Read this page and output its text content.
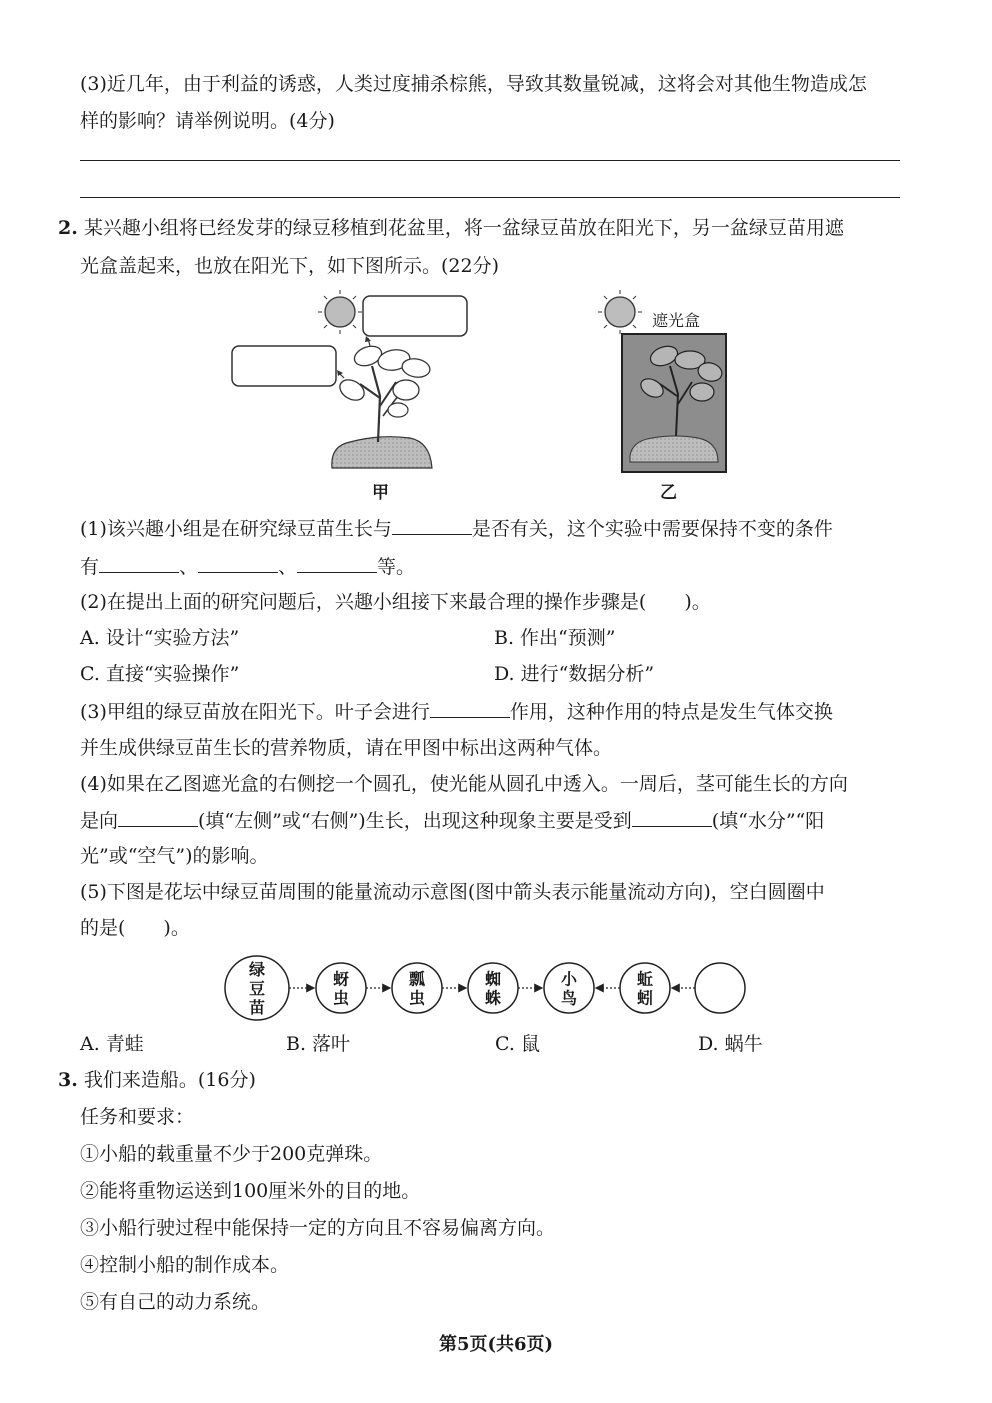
(3)近几年，由于利益的诱惑，人类过度捕杀棕熊，导致其数量锐减，这将会对其他生物造成怎
样的影响？请举例说明。(4分)
2. 某兴趣小组将已经发芽的绿豆移植到花盆里，将一盆绿豆苗放在阳光下，另一盆绿豆苗用遮
光盒盖起来，也放在阳光下，如下图所示。(22分)
遮光盒
甲	乙
(1)该兴趣小组是在研究绿豆苗生长与	是否有关，这个实验中需要保持不变的条件
有	、	、	等。
(2)在提出上面的研究问题后，兴趣小组接下来最合理的操作步骤是(　　)。
A. 设计“实验方法”	B. 作出“预测”
C. 直接“实验操作”	D. 进行“数据分析”
(3)甲组的绿豆苗放在阳光下。叶子会进行	作用，这种作用的特点是发生气体交换
并生成供绿豆苗生长的营养物质，请在甲图中标出这两种气体。
(4)如果在乙图遮光盒的右侧挖一个圆孔，使光能从圆孔中透入。一周后，茎可能生长的方向
是向	(填“左侧”或“右侧”)生长，出现这种现象主要是受到	(填“水分”“阳
光”或“空气”)的影响。
(5)下图是花坛中绿豆苗周围的能量流动示意图(图中箭头表示能量流动方向)，空白圆圈中
的是(　　)。
绿豆苗
蚜虫
瓢虫
蜘蛛
小鸟
蚯蚓
A. 青蛙	B. 落叶	C. 鼠	D. 蜗牛
3. 我们来造船。(16分)
任务和要求：
①小船的载重量不少于200克弹珠。
②能将重物运送到100厘米外的目的地。
③小船行驶过程中能保持一定的方向且不容易偏离方向。
④控制小船的制作成本。
⑤有自己的动力系统。
第5页(共6页)
